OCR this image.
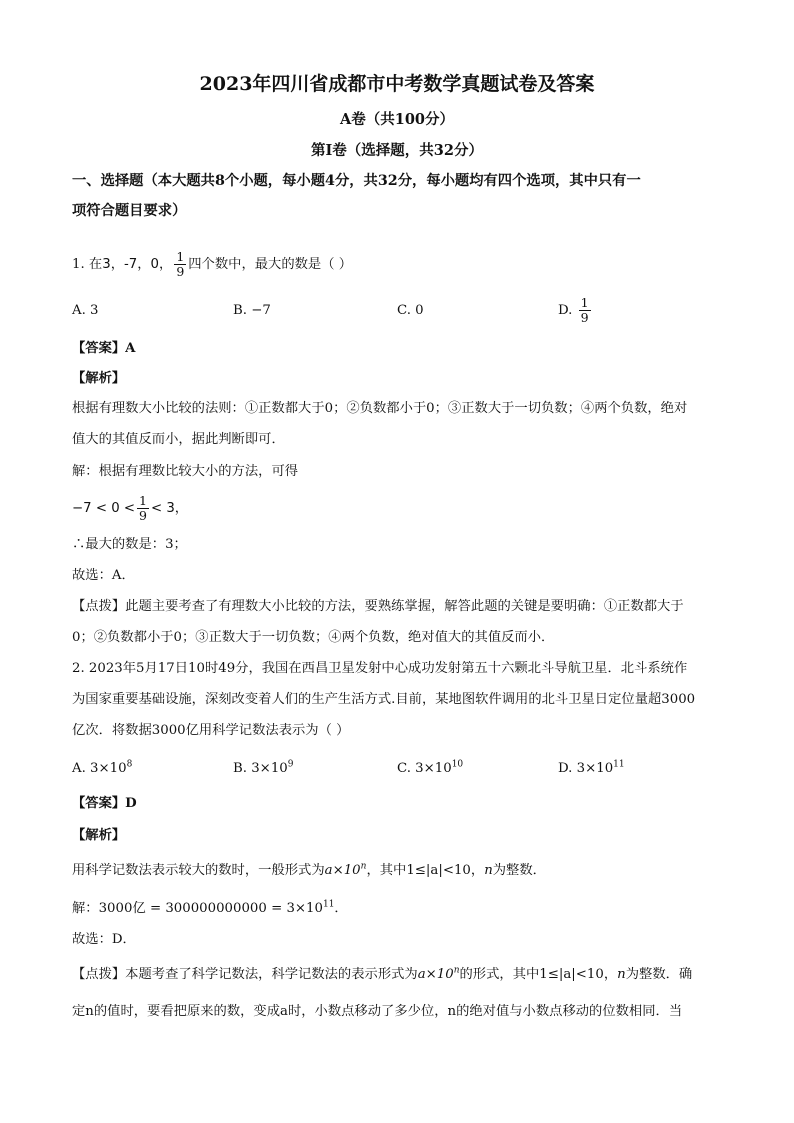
2023年四川省成都市中考数学真题试卷及答案
A卷（共100分）
第Ⅰ卷（选择题，共32分）
一、选择题（本大题共8个小题，每小题4分，共32分，每小题均有四个选项，其中只有一
项符合题目要求）
1. 在3，-7，0， $\frac{1}{9}$ 四个数中，最大的数是（ ）
A. 3	B. −7	C. 0	D. $\frac{1}{9}$
【答案】A
【解析】
根据有理数大小比较的法则：①正数都大于0；②负数都小于0；③正数大于一切负数；④两个负数，绝对
值大的其值反而小，据此判断即可．
解：根据有理数比较大小的方法，可得
$-7 < 0 < \frac{1}{9} < 3$，
∴最大的数是：3；
故选：A．
【点拨】此题主要考查了有理数大小比较的方法，要熟练掌握，解答此题的关键是要明确：①正数都大于
0；②负数都小于0；③正数大于一切负数；④两个负数，绝对值大的其值反而小．
2. 2023年5月17日10时49分，我国在西昌卫星发射中心成功发射第五十六颗北斗导航卫星．北斗系统作
为国家重要基础设施，深刻改变着人们的生产生活方式.目前，某地图软件调用的北斗卫星日定位量超3000
亿次．将数据3000亿用科学记数法表示为（ ）
A. $3\times 10^8$	B. $3\times 10^9$	C. $3\times 10^{10}$	D. $3\times 10^{11}$
【答案】D
【解析】
用科学记数法表示较大的数时，一般形式为$a\times 10^n$，其中1≤|a|<10，n为整数．
解：3000亿 = $300000000000 = 3\times 10^{11}$．
故选：D．
【点拨】本题考查了科学记数法，科学记数法的表示形式为$a\times 10^n$的形式，其中1≤|a|<10，n为整数．确
定n的值时，要看把原来的数，变成a时，小数点移动了多少位，n的绝对值与小数点移动的位数相同．当
